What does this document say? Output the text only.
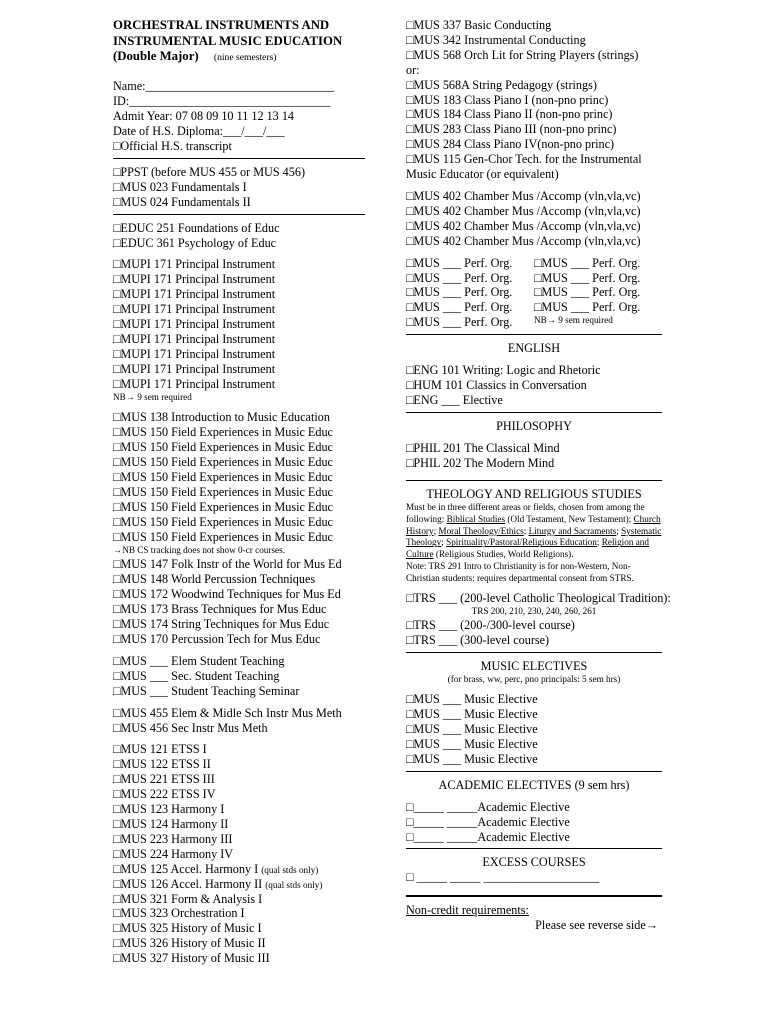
ORCHESTRAL INSTRUMENTS AND
INSTRUMENTAL MUSIC EDUCATION
(Double Major) (nine semesters)
Name:_______________________________
ID:_________________________________
Admit Year: 07 08 09 10 11 12 13 14
Date of H.S. Diploma:___/___/___
□Official H.S. transcript
□PPST (before MUS 455 or MUS 456)
□MUS 023 Fundamentals I
□MUS 024 Fundamentals II
□EDUC 251 Foundations of Educ
□EDUC 361 Psychology of Educ
□MUPI 171 Principal Instrument
□MUPI 171 Principal Instrument
□MUPI 171 Principal Instrument
□MUPI 171 Principal Instrument
□MUPI 171 Principal Instrument
□MUPI 171 Principal Instrument
□MUPI 171 Principal Instrument
□MUPI 171 Principal Instrument
□MUPI 171 Principal Instrument
NB→ 9 sem required
□MUS 138 Introduction to Music Education
□MUS 150 Field Experiences in Music Educ
□MUS 150 Field Experiences in Music Educ
□MUS 150 Field Experiences in Music Educ
□MUS 150 Field Experiences in Music Educ
□MUS 150 Field Experiences in Music Educ
□MUS 150 Field Experiences in Music Educ
□MUS 150 Field Experiences in Music Educ
□MUS 150 Field Experiences in Music Educ
→NB CS tracking does not show 0-cr courses.
□MUS 147 Folk Instr of the World for Mus Ed
□MUS 148 World Percussion Techniques
□MUS 172 Woodwind Techniques for Mus Ed
□MUS 173 Brass Techniques for Mus Educ
□MUS 174 String Techniques for Mus Educ
□MUS 170 Percussion Tech for Mus Educ
□MUS ___ Elem Student Teaching
□MUS ___ Sec. Student Teaching
□MUS ___ Student Teaching Seminar
□MUS 455 Elem & Midle Sch Instr Mus Meth
□MUS 456 Sec Instr Mus Meth
□MUS 121 ETSS I
□MUS 122 ETSS II
□MUS 221 ETSS III
□MUS 222 ETSS IV
□MUS 123 Harmony I
□MUS 124 Harmony II
□MUS 223 Harmony III
□MUS 224 Harmony IV
□MUS 125 Accel. Harmony I (qual stds only)
□MUS 126 Accel. Harmony II (qual stds only)
□MUS 321 Form & Analysis I
□MUS 323 Orchestration I
□MUS 325 History of Music I
□MUS 326 History of Music II
□MUS 327 History of Music III
□MUS 337 Basic Conducting
□MUS 342 Instrumental Conducting
□MUS 568 Orch Lit for String Players (strings)
or:
□MUS 568A String Pedagogy (strings)
□MUS 183 Class Piano I (non-pno princ)
□MUS 184 Class Piano II (non-pno princ)
□MUS 283 Class Piano III (non-pno princ)
□MUS 284 Class Piano IV(non-pno princ)
□MUS 115 Gen-Chor Tech. for the Instrumental
Music Educator (or equivalent)
□MUS 402 Chamber Mus /Accomp (vln,vla,vc)
□MUS 402 Chamber Mus /Accomp (vln,vla,vc)
□MUS 402 Chamber Mus /Accomp (vln,vla,vc)
□MUS 402 Chamber Mus /Accomp (vln,vla,vc)
□MUS ___ Perf. Org.
□MUS ___ Perf. Org.
□MUS ___ Perf. Org.
□MUS ___ Perf. Org.
□MUS ___ Perf. Org.
□MUS ___ Perf. Org.
□MUS ___ Perf. Org.
□MUS ___ Perf. Org.
□MUS ___ Perf. Org.
NB→ 9 sem required
ENGLISH
□ENG 101 Writing: Logic and Rhetoric
□HUM 101 Classics in Conversation
□ENG ___ Elective
PHILOSOPHY
□PHIL 201 The Classical Mind
□PHIL 202 The Modern Mind
THEOLOGY AND RELIGIOUS STUDIES
Must be in three different areas or fields, chosen from among the following: Biblical Studies (Old Testament, New Testament); Church History; Moral Theology/Ethics; Liturgy and Sacraments; Systematic Theology; Spirituality/Pastoral/Religious Education; Religion and Culture (Religious Studies, World Religions).
Note: TRS 291 Intro to Christianity is for non-Western, Non-Christian students: requires departmental consent from STRS.
□TRS ___ (200-level Catholic Theological Tradition):
TRS 200, 210, 230, 240, 260, 261
□TRS ___ (200-/300-level course)
□TRS ___ (300-level course)
MUSIC ELECTIVES
(for brass, ww, perc, pno principals: 5 sem hrs)
□MUS ___ Music Elective
□MUS ___ Music Elective
□MUS ___ Music Elective
□MUS ___ Music Elective
□MUS ___ Music Elective
ACADEMIC ELECTIVES (9 sem hrs)
□_____ _____Academic Elective
□_____ _____Academic Elective
□_____ _____Academic Elective
EXCESS COURSES
□ _____ _____ ___________________
Non-credit requirements:
Please see reverse side→
